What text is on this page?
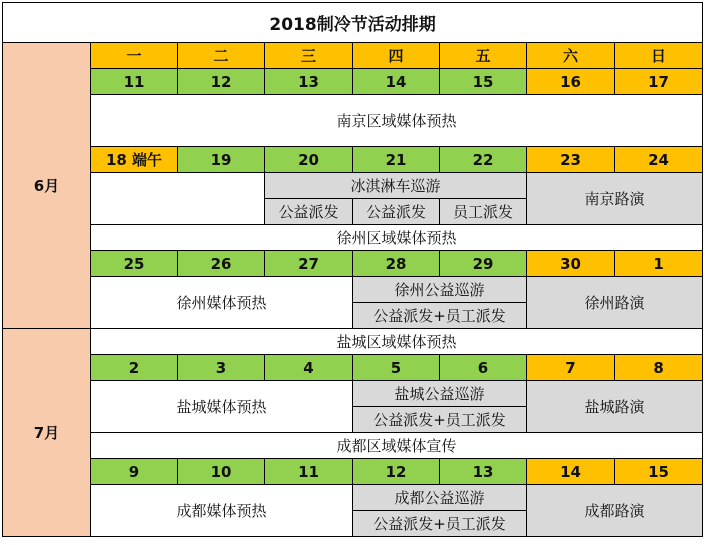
2018制冷节活动排期							
6月	一	二	三	四	五	六	日
	11	12	13	14	15	16	17
	南京区域媒体预热						
	18 端午	19	20	21	22	23	24
			冰淇淋车巡游			南京路演	
			公益派发	公益派发	员工派发		
	徐州区域媒体预热						
	25	26	27	28	29	30	1
	徐州媒体预热			徐州公益巡游		徐州路演	
				公益派发+员工派发			
7月	盐城区域媒体预热						
	2	3	4	5	6	7	8
	盐城媒体预热			盐城公益巡游		盐城路演	
				公益派发+员工派发			
	成都区域媒体宣传						
	9	10	11	12	13	14	15
	成都媒体预热			成都公益巡游		成都路演	
				公益派发+员工派发			
